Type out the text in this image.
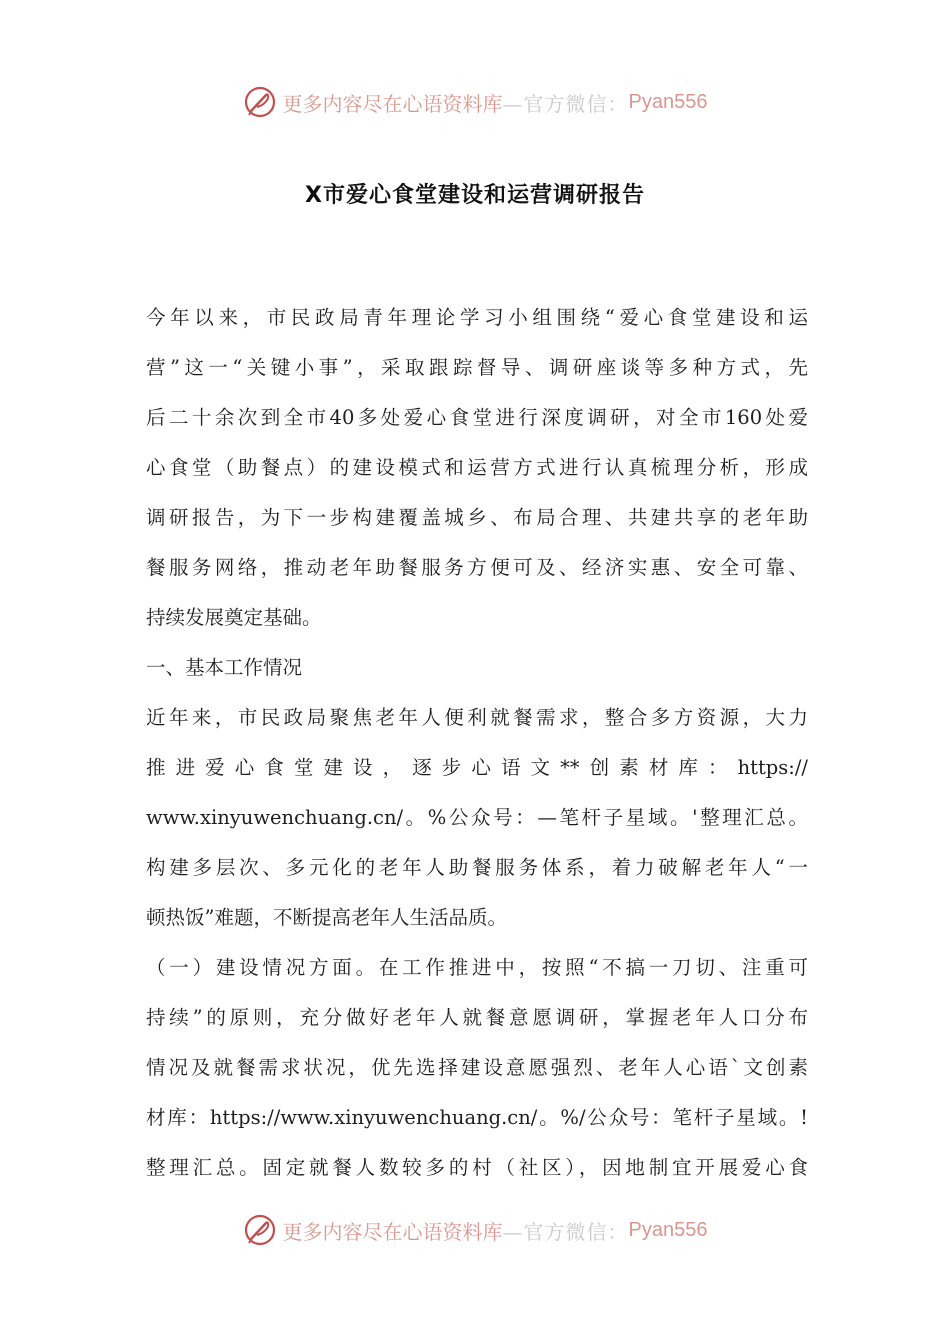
更多内容尽在心语资料库 —官方微信： Pyan556
X市爱心食堂建设和运营调研报告
今年以来，市民政局青年理论学习小组围绕“爱心食堂建设和运
营”这一“关键小事”，采取跟踪督导、调研座谈等多种方式，先
后二十余次到全市40多处爱心食堂进行深度调研，对全市160处爱
心食堂（助餐点）的建设模式和运营方式进行认真梳理分析，形成
调研报告，为下一步构建覆盖城乡、布局合理、共建共享的老年助
餐服务网络，推动老年助餐服务方便可及、经济实惠、安全可靠、
持续发展奠定基础。
一、基本工作情况
近年来，市民政局聚焦老年人便利就餐需求，整合多方资源，大力
推进爱心食堂建设，逐步心语文**创素材库：https://
www.xinyuwenchuang.cn/。%公众号：—笔杆子星域。'整理汇总。
构建多层次、多元化的老年人助餐服务体系，着力破解老年人“一
顿热饭”难题，不断提高老年人生活品质。
（一）建设情况方面。在工作推进中，按照“不搞一刀切、注重可
持续”的原则，充分做好老年人就餐意愿调研，掌握老年人口分布
情况及就餐需求状况，优先选择建设意愿强烈、老年人心语`文创素
材库：https://www.xinyuwenchuang.cn/。%/公众号：笔杆子星域。!
整理汇总。固定就餐人数较多的村（社区），因地制宜开展爱心食
更多内容尽在心语资料库 —官方微信： Pyan556
